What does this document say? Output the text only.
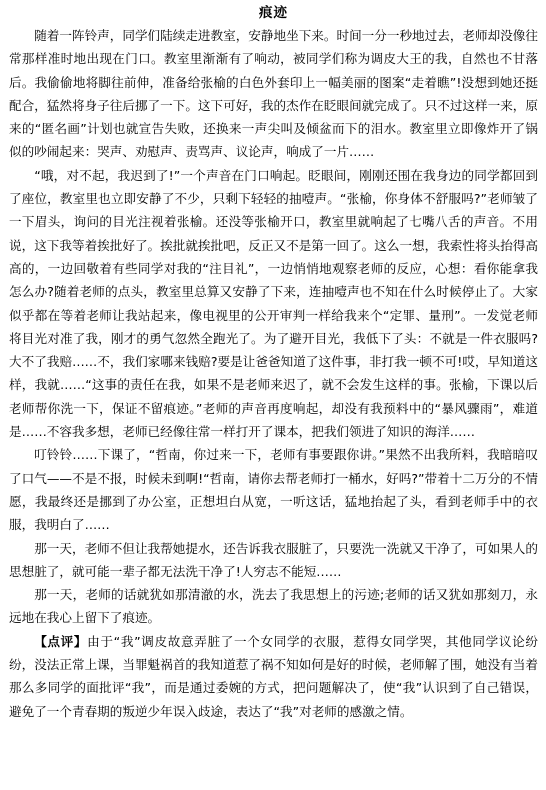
痕迹

随着一阵铃声，同学们陆续走进教室，安静地坐下来。时间一分一秒地过去，老师却没像往常那样准时地出现在门口。教室里渐渐有了响动，被同学们称为调皮大王的我，自然也不甘落后。我偷偷地将脚往前伸，准备给张榆的白色外套印上一幅美丽的图案“走着瞧”!没想到她还挺配合，猛然将身子往后挪了一下。这下可好，我的杰作在眨眼间就完成了。只不过这样一来，原来的“匿名画”计划也就宣告失败，还换来一声尖叫及倾盆而下的泪水。教室里立即像炸开了锅似的吵闹起来：哭声、劝慰声、责骂声、议论声，响成了一片……

“哦，对不起，我迟到了!”一个声音在门口响起。眨眼间，刚刚还围在我身边的同学都回到了座位，教室里也立即安静了不少，只剩下轻轻的抽噎声。“张榆，你身体不舒服吗?”老师皱了一下眉头，询问的目光注视着张榆。还没等张榆开口，教室里就响起了七嘴八舌的声音。不用说，这下我等着挨批好了。挨批就挨批吧，反正又不是第一回了。这么一想，我索性将头抬得高高的，一边回敬着有些同学对我的“注目礼”，一边悄悄地观察老师的反应，心想：看你能拿我怎么办?随着老师的点头，教室里总算又安静了下来，连抽噎声也不知在什么时候停止了。大家似乎都在等着老师让我站起来，像电视里的公开审判一样给我来个“定罪、量刑”。一发觉老师将目光对准了我，刚才的勇气忽然全跑光了。为了避开目光，我低下了头：不就是一件衣服吗?大不了我赔……不，我们家哪来钱赔?要是让爸爸知道了这件事，非打我一顿不可!哎，早知道这样，我就……“这事的责任在我，如果不是老师来迟了，就不会发生这样的事。张榆，下课以后老师帮你洗一下，保证不留痕迹。”老师的声音再度响起，却没有我预料中的“暴风骤雨”，难道是……不容我多想，老师已经像往常一样打开了课本，把我们领进了知识的海洋……

叮铃铃……下课了，“哲南，你过来一下，老师有事要跟你讲。”果然不出我所料，我暗暗叹了口气——不是不报，时候未到啊!“哲南，请你去帮老师打一桶水，好吗?”带着十二万分的不情愿，我最终还是挪到了办公室，正想坦白从宽，一听这话，猛地抬起了头，看到老师手中的衣服，我明白了……

那一天，老师不但让我帮她提水，还告诉我衣服脏了，只要洗一洗就又干净了，可如果人的思想脏了，就可能一辈子都无法洗干净了!人穷志不能短……

那一天，老师的话就犹如那清澈的水，洗去了我思想上的污迹;老师的话又犹如那刻刀，永远地在我心上留下了痕迹。

【点评】由于“我”调皮故意弄脏了一个女同学的衣服，惹得女同学哭，其他同学议论纷纷，没法正常上课，当罪魁祸首的我知道惹了祸不知如何是好的时候，老师解了围，她没有当着那么多同学的面批评“我”，而是通过委婉的方式，把问题解决了，使“我”认识到了自己错误，避免了一个青春期的叛逆少年误入歧途，表达了“我”对老师的感激之情。
